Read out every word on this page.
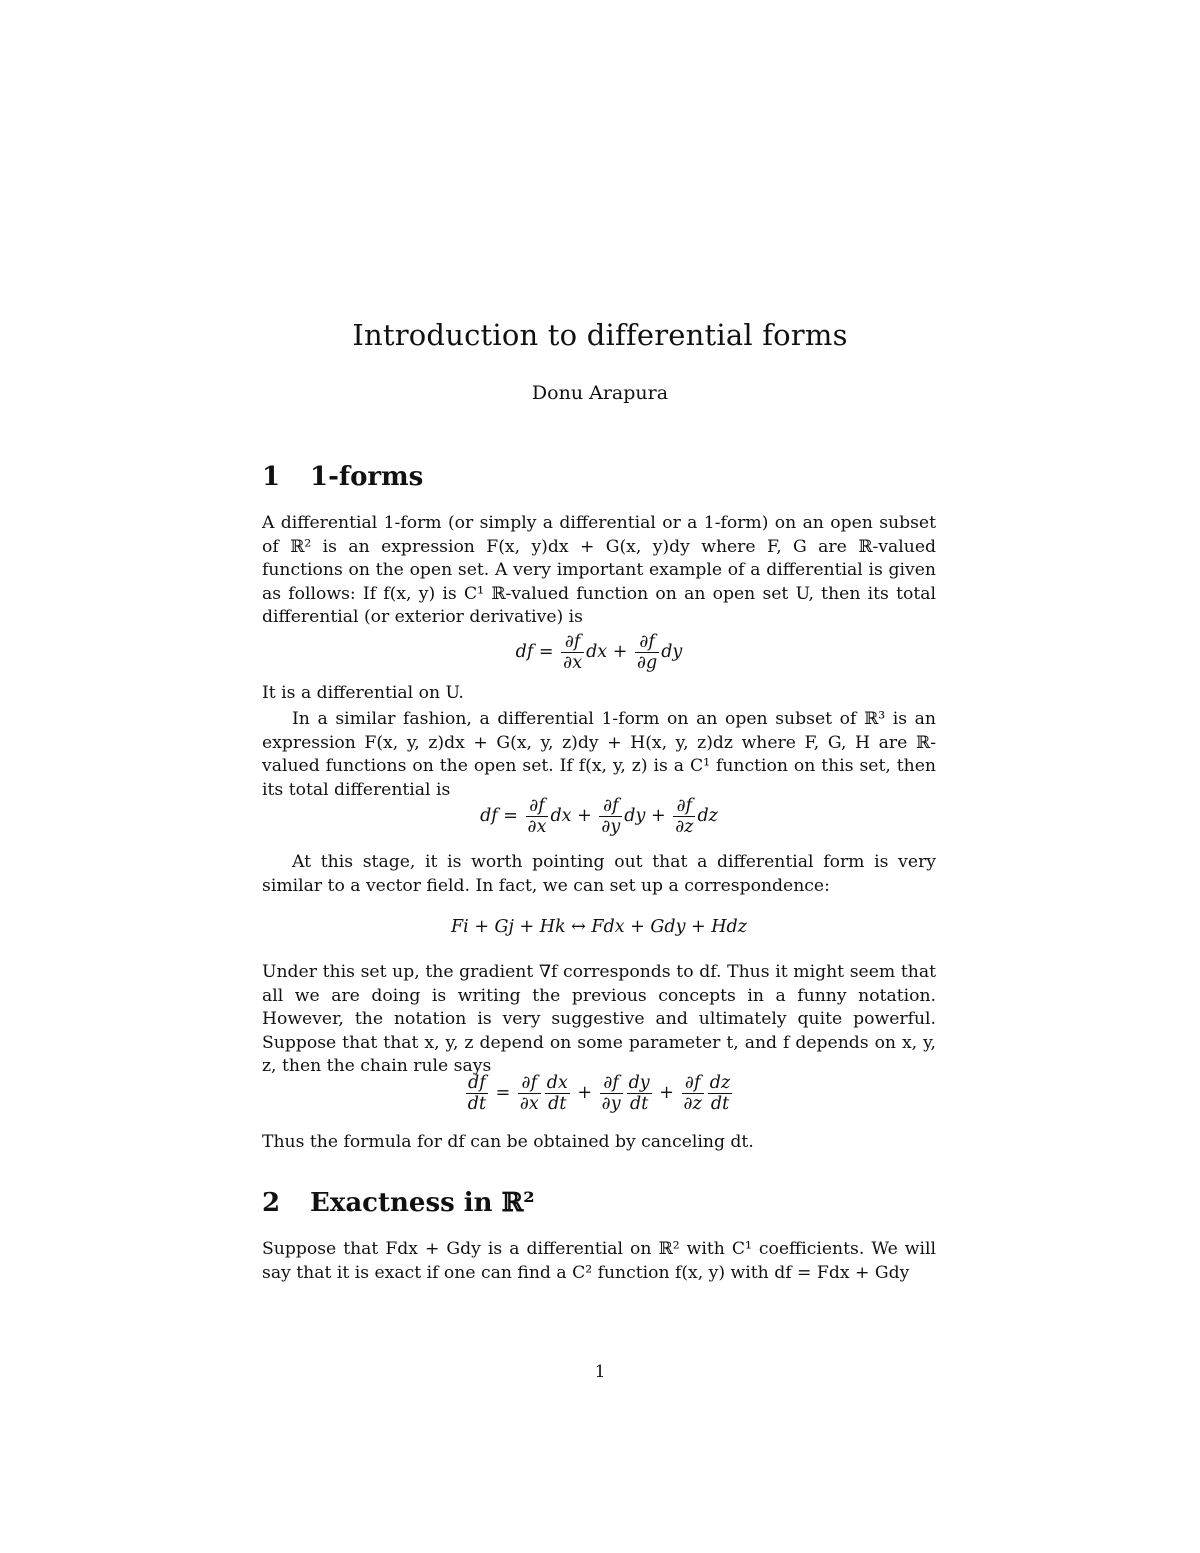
Introduction to differential forms
Donu Arapura
1 1-forms
A differential 1-form (or simply a differential or a 1-form) on an open subset of ℝ² is an expression F(x, y)dx + G(x, y)dy where F, G are ℝ-valued functions on the open set. A very important example of a differential is given as follows: If f(x, y) is C¹ ℝ-valued function on an open set U, then its total differential (or exterior derivative) is
df = $\frac{\partial f}{\partial x}$ dx + $\frac{\partial f}{\partial g}$ dy
It is a differential on U.
In a similar fashion, a differential 1-form on an open subset of ℝ³ is an expression F(x, y, z)dx + G(x, y, z)dy + H(x, y, z)dz where F, G, H are ℝ-valued functions on the open set. If f(x, y, z) is a C¹ function on this set, then its total differential is
df = $\frac{\partial f}{\partial x}$ dx + $\frac{\partial f}{\partial y}$ dy + $\frac{\partial f}{\partial z}$ dz
At this stage, it is worth pointing out that a differential form is very similar to a vector field. In fact, we can set up a correspondence:
Fi + Gj + Hk ↔ Fdx + Gdy + Hdz
Under this set up, the gradient ∇f corresponds to df. Thus it might seem that all we are doing is writing the previous concepts in a funny notation. However, the notation is very suggestive and ultimately quite powerful. Suppose that that x, y, z depend on some parameter t, and f depends on x, y, z, then the chain rule says
$\frac{df}{dt} = \frac{\partial f}{\partial x} \frac{dx}{dt} + \frac{\partial f}{\partial y} \frac{dy}{dt} + \frac{\partial f}{\partial z} \frac{dz}{dt}$
Thus the formula for df can be obtained by canceling dt.
2 Exactness in ℝ²
Suppose that Fdx + Gdy is a differential on ℝ² with C¹ coefficients. We will say that it is exact if one can find a C² function f(x, y) with df = Fdx + Gdy
1
